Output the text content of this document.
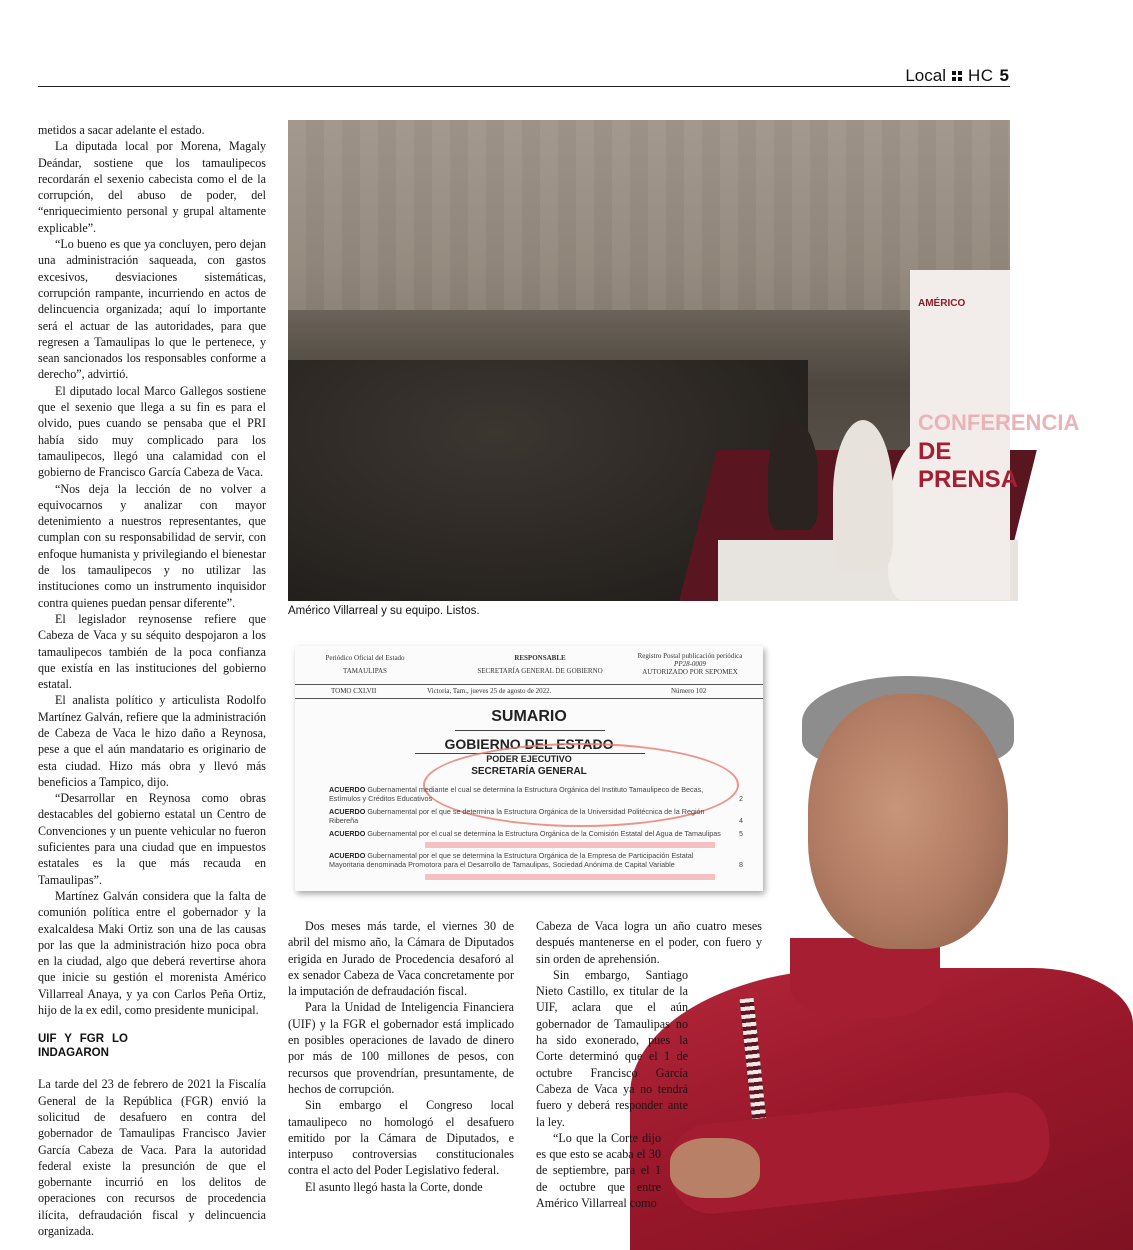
Local HC 5

metidos a sacar adelante el estado.

La diputada local por Morena, Magaly Deándar, sostiene que los tamaulipecos recordarán el sexenio cabecista como el de la corrupción, del abuso de poder, del “enriquecimiento personal y grupal altamente explicable”.

“Lo bueno es que ya concluyen, pero dejan una administración saqueada, con gastos excesivos, desviaciones sistemáticas, corrupción rampante, incurriendo en actos de delincuencia organizada; aquí lo importante será el actuar de las autoridades, para que regresen a Tamaulipas lo que le pertenece, y sean sancionados los responsables conforme a derecho”, advirtió.

El diputado local Marco Gallegos sostiene que el sexenio que llega a su fin es para el olvido, pues cuando se pensaba que el PRI había sido muy complicado para los tamaulipecos, llegó una calamidad con el gobierno de Francisco García Cabeza de Vaca.

“Nos deja la lección de no volver a equivocarnos y analizar con mayor detenimiento a nuestros representantes, que cumplan con su responsabilidad de servir, con enfoque humanista y privilegiando el bienestar de los tamaulipecos y no utilizar las instituciones como un instrumento inquisidor contra quienes puedan pensar diferente”.

El legislador reynosense refiere que Cabeza de Vaca y su séquito despojaron a los tamaulipecos también de la poca confianza que existía en las instituciones del gobierno estatal.

El analista político y articulista Rodolfo Martínez Galván, refiere que la administración de Cabeza de Vaca le hizo daño a Reynosa, pese a que el aún mandatario es originario de esta ciudad. Hizo más obra y llevó más beneficios a Tampico, dijo.

“Desarrollar en Reynosa como obras destacables del gobierno estatal un Centro de Convenciones y un puente vehicular no fueron suficientes para una ciudad que en impuestos estatales es la que más recauda en Tamaulipas”.

Martínez Galván considera que la falta de comunión política entre el gobernador y la exalcaldesa Maki Ortiz son una de las causas por las que la administración hizo poca obra en la ciudad, algo que deberá revertirse ahora que inicie su gestión el morenista Américo Villarreal Anaya, y ya con Carlos Peña Ortiz, hijo de la ex edil, como presidente municipal.

UIF Y FGR LO INDAGARON

La tarde del 23 de febrero de 2021 la Fiscalía General de la República (FGR) envió la solicitud de desafuero en contra del gobernador de Tamaulipas Francisco Javier García Cabeza de Vaca. Para la autoridad federal existe la presunción de que el gobernante incurrió en los delitos de operaciones con recursos de procedencia ilícita, defraudación fiscal y delincuencia organizada.

AMÉRICO
CONFERENCIA
DE PRENSA
Américo Villarreal y su equipo. Listos.
Periódico Oficial del Estado
TAMAULIPAS
RESPONSABLE
SECRETARÍA GENERAL DE GOBIERNO
Registro Postal publicación periódica
PP28-0009
AUTORIZADO POR SEPOMEX
TOMO CXLVII	Victoria, Tam., jueves 25 de agosto de 2022.	Número 102
SUMARIO
GOBIERNO DEL ESTADO
PODER EJECUTIVO
SECRETARÍA GENERAL
ACUERDO Gubernamental mediante el cual se determina la Estructura Orgánica del Instituto Tamaulipeco de Becas, Estímulos y Créditos Educativos	2
ACUERDO Gubernamental por el que se determina la Estructura Orgánica de la Universidad Politécnica de la Región Ribereña	4
ACUERDO Gubernamental por el cual se determina la Estructura Orgánica de la Comisión Estatal del Agua de Tamaulipas	5
ACUERDO Gubernamental por el que se determina la Estructura Orgánica de la Empresa de Participación Estatal Mayoritaria denominada Promotora para el Desarrollo de Tamaulipas, Sociedad Anónima de Capital Variable	8

Dos meses más tarde, el viernes 30 de abril del mismo año, la Cámara de Diputados erigida en Jurado de Procedencia desaforó al ex senador Cabeza de Vaca concretamente por la imputación de defraudación fiscal.

Para la Unidad de Inteligencia Financiera (UIF) y la FGR el gobernador está implicado en posibles operaciones de lavado de dinero por más de 100 millones de pesos, con recursos que provendrían, presuntamente, de hechos de corrupción.

Sin embargo el Congreso local tamaulipeco no homologó el desafuero emitido por la Cámara de Diputados, e interpuso controversias constitucionales contra el acto del Poder Legislativo federal.

El asunto llegó hasta la Corte, donde

Cabeza de Vaca logra un año cuatro meses después mantenerse en el poder, con fuero y sin orden de aprehensión.

Sin embargo, Santiago Nieto Castillo, ex titular de la UIF, aclara que el aún gobernador de Tamaulipas no ha sido exonerado, pues la Corte determinó que el 1 de octubre Francisco García Cabeza de Vaca ya no tendrá fuero y deberá responder ante la ley.

“Lo que la Corte dijo es que esto se acaba el 30 de septiembre, para el 1 de octubre que entre Américo Villarreal como
